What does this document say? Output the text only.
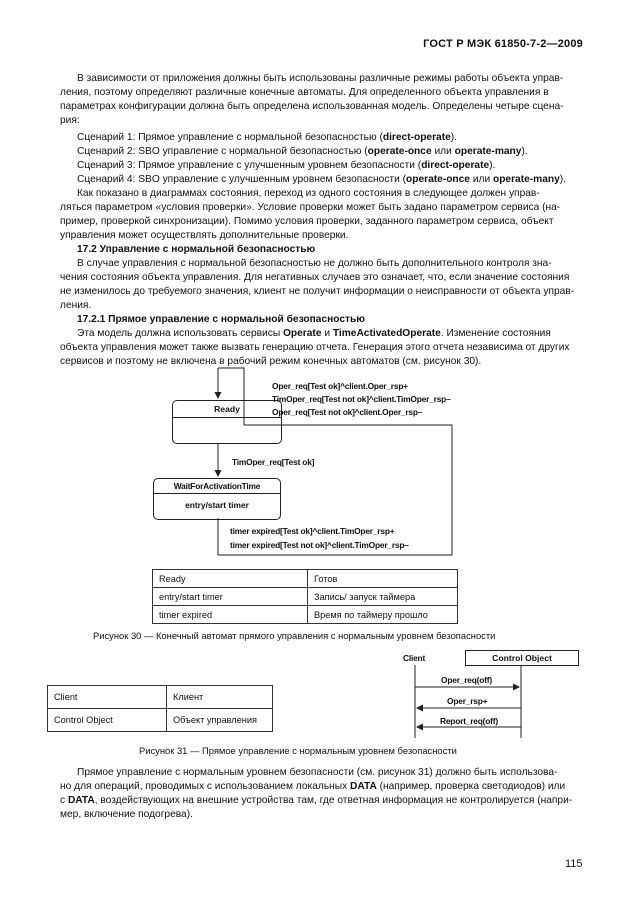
ГОСТ Р МЭК 61850-7-2—2009
В зависимости от приложения должны быть использованы различные режимы работы объекта управ-
ления, поэтому определяют различные конечные автоматы. Для определенного объекта управления в
параметрах конфигурации должна быть определена использованная модель. Определены четыре сцена-
рия:
Сценарий 1: Прямое управление с нормальной безопасностью (direct-operate).
Сценарий 2: SBO управление с нормальной безопасностью (operate-once или operate-many).
Сценарий 3: Прямое управление с улучшенным уровнем безопасности (direct-operate).
Сценарий 4: SBO управление с улучшенным уровнем безопасности (operate-once или operate-many).
Как показано в диаграммах состояния, переход из одного состояния в следующее должен управ-
ляться параметром «условия проверки». Условие проверки может быть задано параметром сервиса (на-
пример, проверкой синхронизации). Помимо условия проверки, заданного параметром сервиса, объект
управления может осуществлять дополнительные проверки.
17.2 Управление с нормальной безопасностью
В случае управления с нормальной безопасностью не должно быть дополнительного контроля зна-
чения состояния объекта управления. Для негативных случаев это означает, что, если значение состояния
не изменилось до требуемого значения, клиент не получит информации о неисправности от объекта управ-
ления.
17.2.1 Прямое управление с нормальной безопасностью
Эта модель должна использовать сервисы Operate и TimeActivatedOperate. Изменение состояния
объекта управления может также вызвать генерацию отчета. Генерация этого отчета независима от других
сервисов и поэтому не включена в рабочий режим конечных автоматов (см. рисунок 30).
Ready
WaitForActivationTime
entry/start timer
Oper_req[Test ok]^client.Oper_rsp+
TimOper_req[Test not ok]^client.TimOper_rsp–
Oper_req[Test not ok]^client.Oper_rsp–
TimOper_req[Test ok]
timer expired[Test ok]^client.TimOper_rsp+
timer expired[Test not ok]^client.TimOper_rsp–
Ready	Готов
entry/start timer	Запись/ запуск таймера
timer expired	Время по таймеру прошло
Рисунок 30 — Конечный автомат прямого управления с нормальным уровнем безопасности
Client	Control Object
Oper_req(off)
Oper_rsp+
Report_req(off)
Client	Клиент
Control Object	Объект управления
Рисунок 31 — Прямое управление с нормальным уровнем безопасности
Прямое управление с нормальным уровнем безопасности (см. рисунок 31) должно быть использова-
но для операций, проводимых с использованием локальных DATA (например, проверка светодиодов) или
с DATA, воздействующих на внешние устройства там, где ответная информация не контролируется (напри-
мер, включение подогрева).
115
